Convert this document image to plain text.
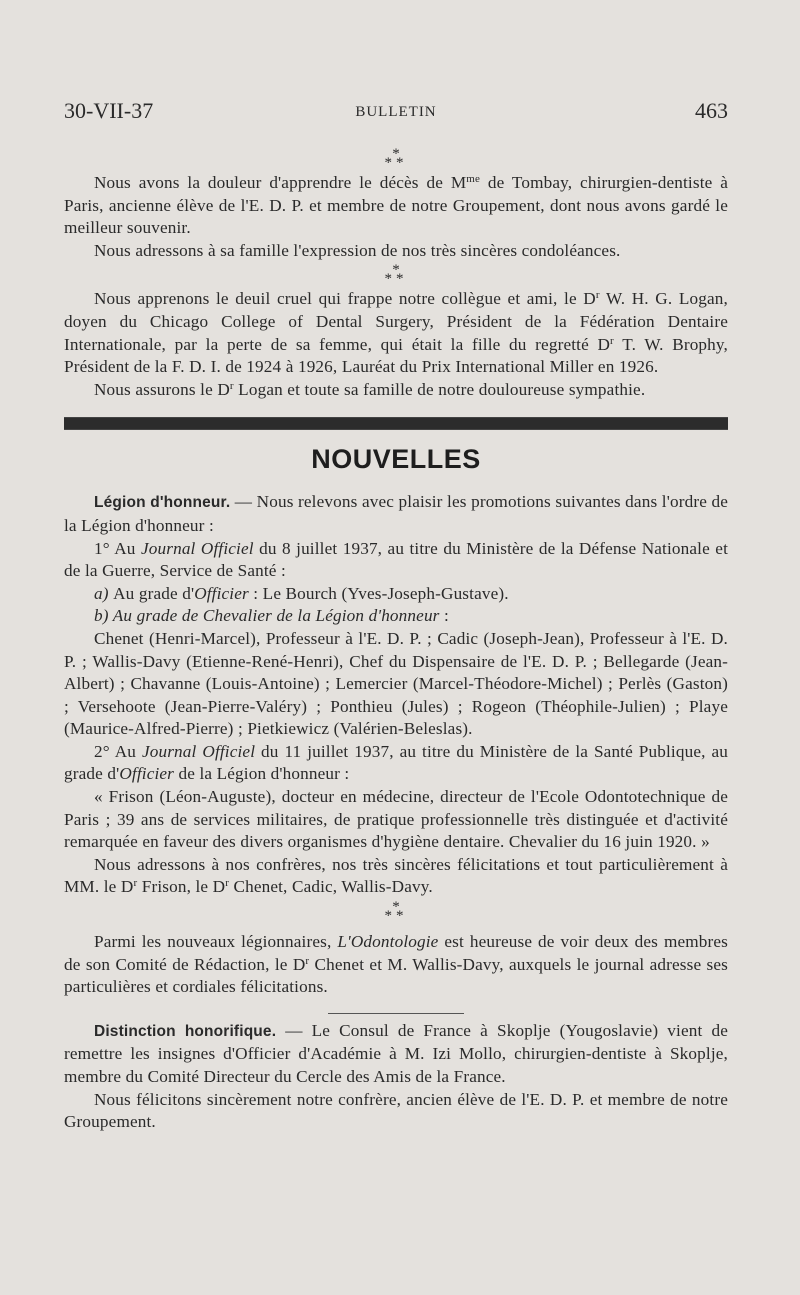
30-VII-37	BULLETIN	463
*
**

Nous avons la douleur d'apprendre le décès de $M^{me}$ de Tombay, chirurgien-dentiste à Paris, ancienne élève de l'E. D. P. et membre de notre Groupement, dont nous avons gardé le meilleur souvenir.

Nous adressons à sa famille l'expression de nos très sincères condoléances.

*
**

Nous apprenons le deuil cruel qui frappe notre collègue et ami, le $D^r$ W. H. G. Logan, doyen du Chicago College of Dental Surgery, Président de la Fédération Dentaire Internationale, par la perte de sa femme, qui était la fille du regretté $D^r$ T. W. Brophy, Président de la F. D. I. de 1924 à 1926, Lauréat du Prix International Miller en 1926.

Nous assurons le $D^r$ Logan et toute sa famille de notre douloureuse sympathie.

NOUVELLES

Légion d'honneur. — Nous relevons avec plaisir les promotions suivantes dans l'ordre de la Légion d'honneur :

1° Au Journal Officiel du 8 juillet 1937, au titre du Ministère de la Défense Nationale et de la Guerre, Service de Santé :

a) Au grade d'Officier : Le Bourch (Yves-Joseph-Gustave).

b) Au grade de Chevalier de la Légion d'honneur :

Chenet (Henri-Marcel), Professeur à l'E. D. P. ; Cadic (Joseph-Jean), Professeur à l'E. D. P. ; Wallis-Davy (Etienne-René-Henri), Chef du Dispensaire de l'E. D. P. ; Bellegarde (Jean-Albert) ; Chavanne (Louis-Antoine) ; Lemercier (Marcel-Théodore-Michel) ; Perlès (Gaston) ; Versehoote (Jean-Pierre-Valéry) ; Ponthieu (Jules) ; Rogeon (Théophile-Julien) ; Playe (Maurice-Alfred-Pierre) ; Pietkiewicz (Valérien-Beleslas).

2° Au Journal Officiel du 11 juillet 1937, au titre du Ministère de la Santé Publique, au grade d'Officier de la Légion d'honneur :

« Frison (Léon-Auguste), docteur en médecine, directeur de l'Ecole Odontotechnique de Paris ; 39 ans de services militaires, de pratique professionnelle très distinguée et d'activité remarquée en faveur des divers organismes d'hygiène dentaire. Chevalier du 16 juin 1920. »

Nous adressons à nos confrères, nos très sincères félicitations et tout particulièrement à MM. le $D^r$ Frison, le $D^r$ Chenet, Cadic, Wallis-Davy.

*
**

Parmi les nouveaux légionnaires, L'Odontologie est heureuse de voir deux des membres de son Comité de Rédaction, le $D^r$ Chenet et M. Wallis-Davy, auxquels le journal adresse ses particulières et cordiales félicitations.

Distinction honorifique. — Le Consul de France à Skoplje (Yougoslavie) vient de remettre les insignes d'Officier d'Académie à M. Izi Mollo, chirurgien-dentiste à Skoplje, membre du Comité Directeur du Cercle des Amis de la France.

Nous félicitons sincèrement notre confrère, ancien élève de l'E. D. P. et membre de notre Groupement.
